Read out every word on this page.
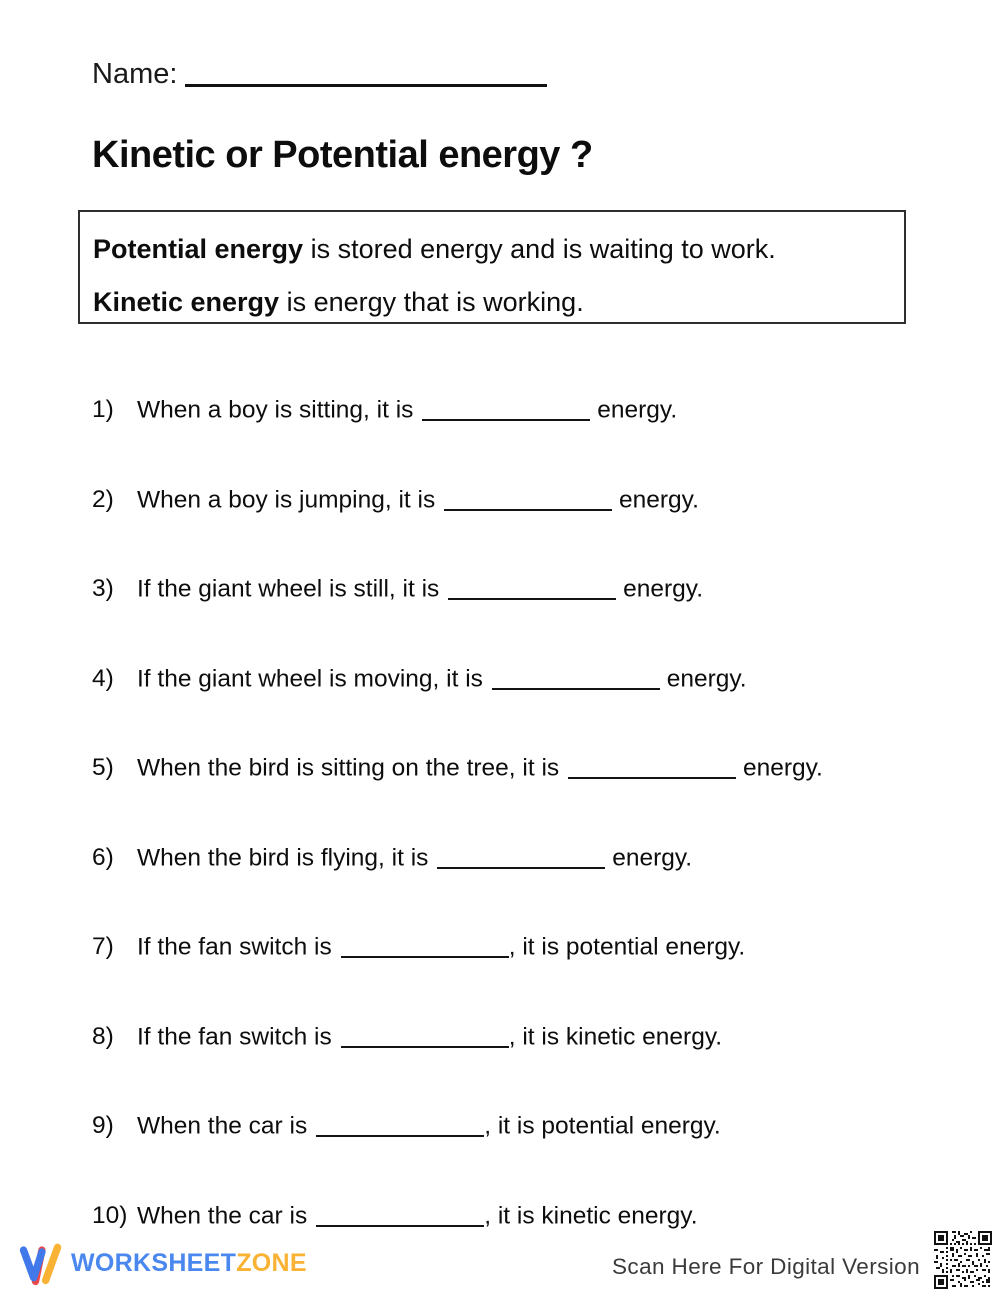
Name:
Kinetic or Potential energy ?
Potential energy is stored energy and is waiting to work.
Kinetic energy is energy that is working.
1) When a boy is sitting, it is	energy.
2) When a boy is jumping, it is	energy.
3) If the giant wheel is still, it is	energy.
4) If the giant wheel is moving, it is	energy.
5) When the bird is sitting on the tree, it is	energy.
6) When the bird is flying, it is	energy.
7) If the fan switch is	, it is potential energy.
8) If the fan switch is	, it is kinetic energy.
9) When the car is	, it is potential energy.
10) When the car is	, it is kinetic energy.
WORKSHEETZONE	Scan Here For Digital Version
